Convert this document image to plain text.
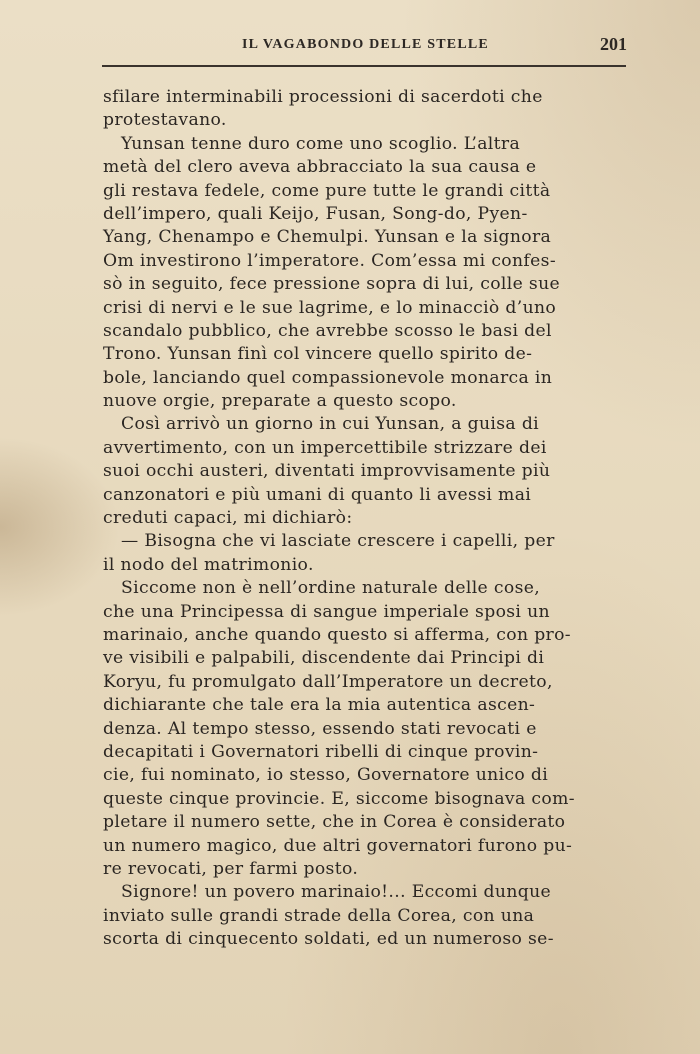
IL VAGABONDO DELLE STELLE	201
sfilare interminabili processioni di sacerdoti che
protestavano.
Yunsan tenne duro come uno scoglio. L’altra
metà del clero aveva abbracciato la sua causa e
gli restava fedele, come pure tutte le grandi città
dell’impero, quali Keijo, Fusan, Song-do, Pyen-
Yang, Chenampo e Chemulpi. Yunsan e la signora
Om investirono l’imperatore. Com’essa mi confes-
sò in seguito, fece pressione sopra di lui, colle sue
crisi di nervi e le sue lagrime, e lo minacciò d’uno
scandalo pubblico, che avrebbe scosso le basi del
Trono. Yunsan finì col vincere quello spirito de-
bole, lanciando quel compassionevole monarca in
nuove orgie, preparate a questo scopo.
Così arrivò un giorno in cui Yunsan, a guisa di
avvertimento, con un impercettibile strizzare dei
suoi occhi austeri, diventati improvvisamente più
canzonatori e più umani di quanto li avessi mai
creduti capaci, mi dichiarò:
— Bisogna che vi lasciate crescere i capelli, per
il nodo del matrimonio.
Siccome non è nell’ordine naturale delle cose,
che una Principessa di sangue imperiale sposi un
marinaio, anche quando questo si afferma, con pro-
ve visibili e palpabili, discendente dai Principi di
Koryu, fu promulgato dall’Imperatore un decreto,
dichiarante che tale era la mia autentica ascen-
denza. Al tempo stesso, essendo stati revocati e
decapitati i Governatori ribelli di cinque provin-
cie, fui nominato, io stesso, Governatore unico di
queste cinque provincie. E, siccome bisognava com-
pletare il numero sette, che in Corea è considerato
un numero magico, due altri governatori furono pu-
re revocati, per farmi posto.
Signore! un povero marinaio!... Eccomi dunque
inviato sulle grandi strade della Corea, con una
scorta di cinquecento soldati, ed un numeroso se-
